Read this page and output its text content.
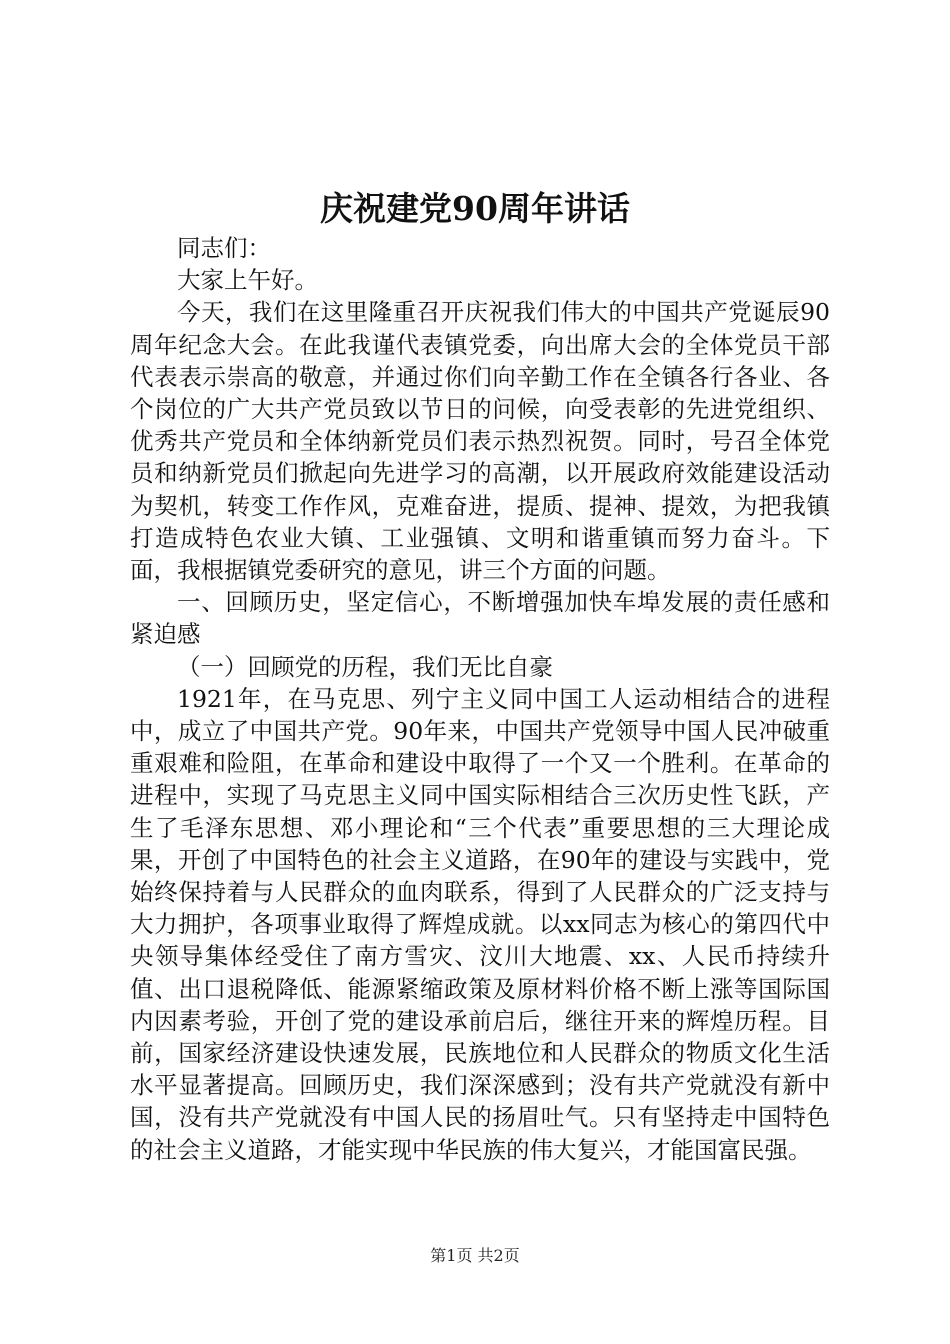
庆祝建党90周年讲话

同志们：

大家上午好。

今天，我们在这里隆重召开庆祝我们伟大的中国共产党诞辰90周年纪念大会。在此我谨代表镇党委，向出席大会的全体党员干部代表表示崇高的敬意，并通过你们向辛勤工作在全镇各行各业、各个岗位的广大共产党员致以节日的问候，向受表彰的先进党组织、优秀共产党员和全体纳新党员们表示热烈祝贺。同时，号召全体党员和纳新党员们掀起向先进学习的高潮，以开展政府效能建设活动为契机，转变工作作风，克难奋进，提质、提神、提效，为把我镇打造成特色农业大镇、工业强镇、文明和谐重镇而努力奋斗。下面，我根据镇党委研究的意见，讲三个方面的问题。

一、回顾历史，坚定信心，不断增强加快车埠发展的责任感和紧迫感

（一）回顾党的历程，我们无比自豪

1921年，在马克思、列宁主义同中国工人运动相结合的进程中，成立了中国共产党。90年来，中国共产党领导中国人民冲破重重艰难和险阻，在革命和建设中取得了一个又一个胜利。在革命的进程中，实现了马克思主义同中国实际相结合三次历史性飞跃，产生了毛泽东思想、邓小理论和“三个代表”重要思想的三大理论成果，开创了中国特色的社会主义道路，在90年的建设与实践中，党始终保持着与人民群众的血肉联系，得到了人民群众的广泛支持与大力拥护，各项事业取得了辉煌成就。以xx同志为核心的第四代中央领导集体经受住了南方雪灾、汶川大地震、xx、人民币持续升值、出口退税降低、能源紧缩政策及原材料价格不断上涨等国际国内因素考验，开创了党的建设承前启后，继往开来的辉煌历程。目前，国家经济建设快速发展，民族地位和人民群众的物质文化生活水平显著提高。回顾历史，我们深深感到；没有共产党就没有新中国，没有共产党就没有中国人民的扬眉吐气。只有坚持走中国特色的社会主义道路，才能实现中华民族的伟大复兴，才能国富民强。

第1页 共2页
